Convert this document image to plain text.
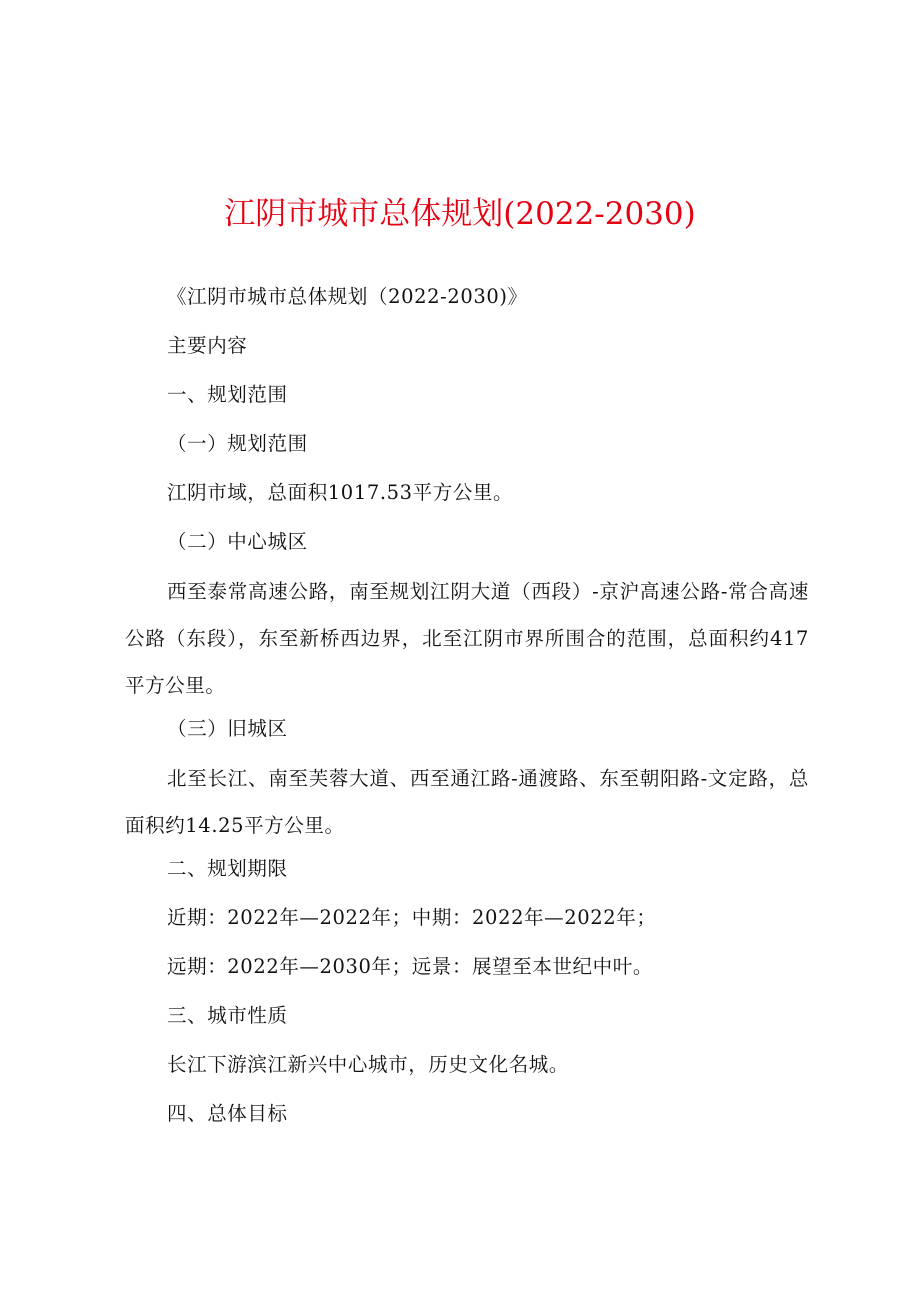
江阴市城市总体规划(2022-2030)

《江阴市城市总体规划（2022-2030)》

主要内容

一、规划范围

（一）规划范围

江阴市域，总面积1017.53平方公里。

（二）中心城区

西至泰常高速公路，南至规划江阴大道（西段）-京沪高速公路-常合高速公路（东段），东至新桥西边界，北至江阴市界所围合的范围，总面积约417平方公里。

（三）旧城区

北至长江、南至芙蓉大道、西至通江路-通渡路、东至朝阳路-文定路，总面积约14.25平方公里。

二、规划期限

近期：2022年—2022年；中期：2022年—2022年；

远期：2022年—2030年；远景：展望至本世纪中叶。

三、城市性质

长江下游滨江新兴中心城市，历史文化名城。

四、总体目标
